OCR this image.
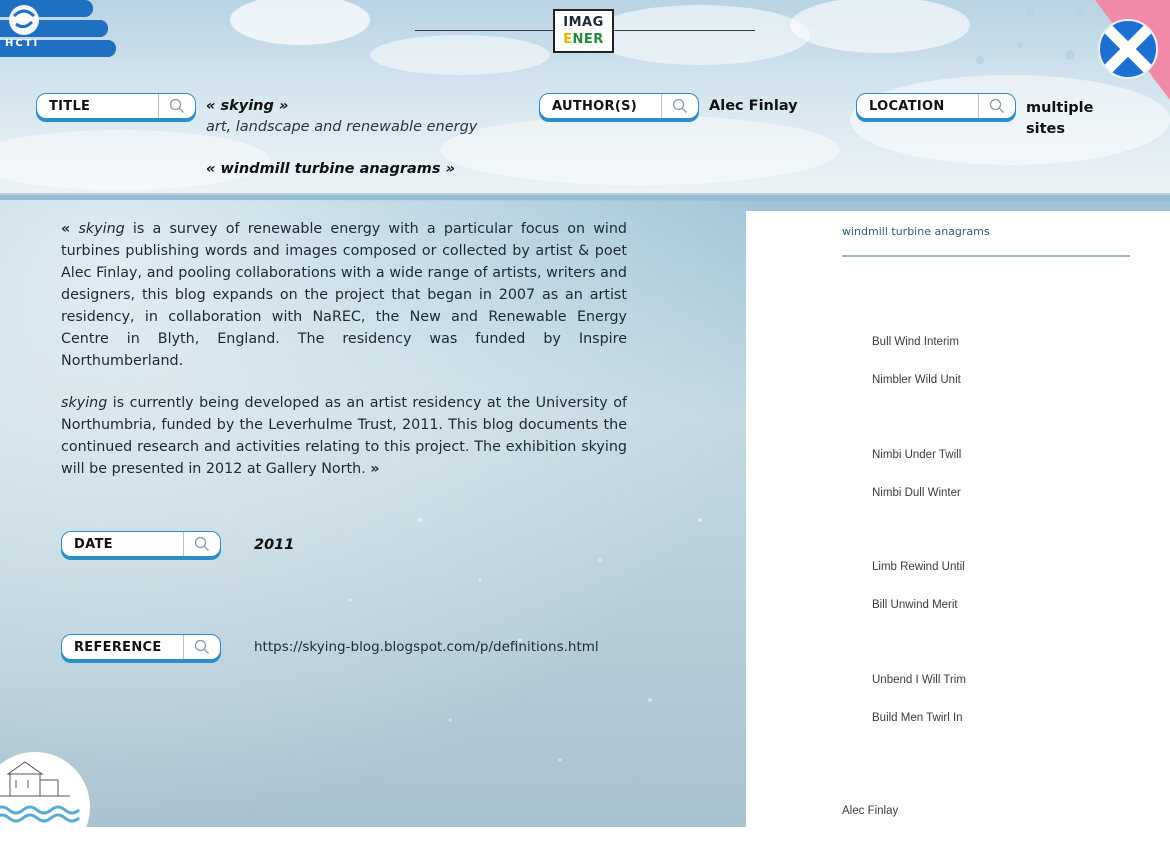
HCTI
IMAG
ENER
TITLE	« skying »
art, landscape and renewable energy
« windmill turbine anagrams »
AUTHOR(S)	Alec Finlay	LOCATION	multiple
sites

« skying is a survey of renewable energy with a particular focus on wind turbines publishing words and images composed or collected by artist & poet Alec Finlay, and pooling collaborations with a wide range of artists, writers and designers, this blog expands on the project that began in 2007 as an artist residency, in collaboration with NaREC, the New and Renewable Energy Centre in Blyth, England. The residency was funded by Inspire Northumberland.

skying is currently being developed as an artist residency at the University of Northumbria, funded by the Leverhulme Trust, 2011. This blog documents the continued research and activities relating to this project. The exhibition skying will be presented in 2012 at Gallery North. »

DATE	2011
REFERENCE	https://skying-blog.blogspot.com/p/definitions.html
windmill turbine anagrams
Bull Wind Interim
Nimbler Wild Unit
Nimbi Under Twill
Nimbi Dull Winter
Limb Rewind Until
Bill Unwind Merit
Unbend I Will Trim
Build Men Twirl In
Alec Finlay
